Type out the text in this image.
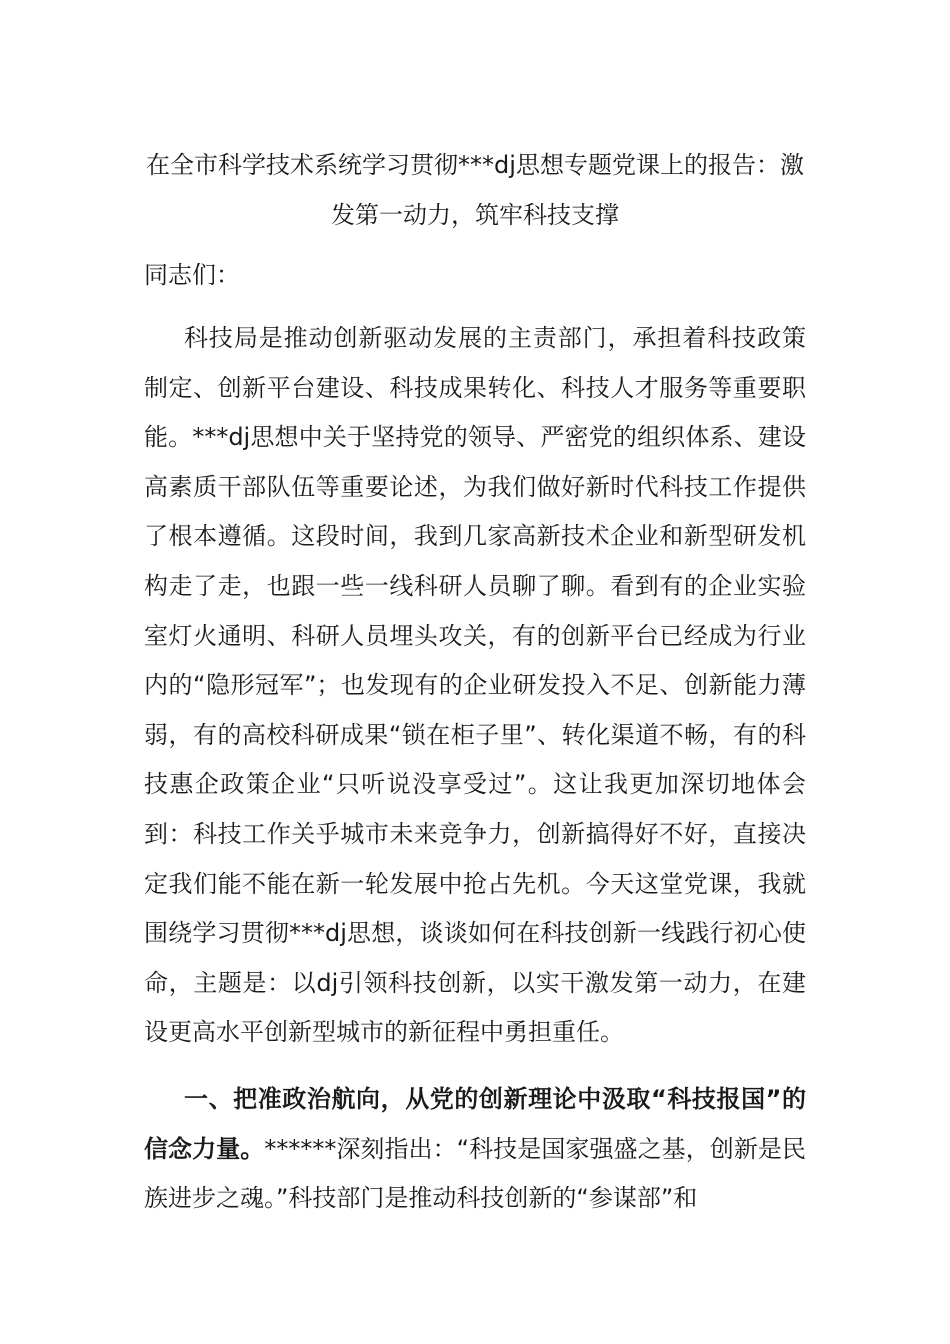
在全市科学技术系统学习贯彻***dj思想专题党课上的报告：激发第一动力，筑牢科技支撑

同志们：

科技局是推动创新驱动发展的主责部门，承担着科技政策制定、创新平台建设、科技成果转化、科技人才服务等重要职能。***dj思想中关于坚持党的领导、严密党的组织体系、建设高素质干部队伍等重要论述，为我们做好新时代科技工作提供了根本遵循。这段时间，我到几家高新技术企业和新型研发机构走了走，也跟一些一线科研人员聊了聊。看到有的企业实验室灯火通明、科研人员埋头攻关，有的创新平台已经成为行业内的“隐形冠军”；也发现有的企业研发投入不足、创新能力薄弱，有的高校科研成果“锁在柜子里”、转化渠道不畅，有的科技惠企政策企业“只听说没享受过”。这让我更加深切地体会到：科技工作关乎城市未来竞争力，创新搞得好不好，直接决定我们能不能在新一轮发展中抢占先机。今天这堂党课，我就围绕学习贯彻***dj思想，谈谈如何在科技创新一线践行初心使命，主题是：以dj引领科技创新，以实干激发第一动力，在建设更高水平创新型城市的新征程中勇担重任。

一、把准政治航向，从党的创新理论中汲取“科技报国”的信念力量。******深刻指出：“科技是国家强盛之基，创新是民族进步之魂。”科技部门是推动科技创新的“参谋部”和
